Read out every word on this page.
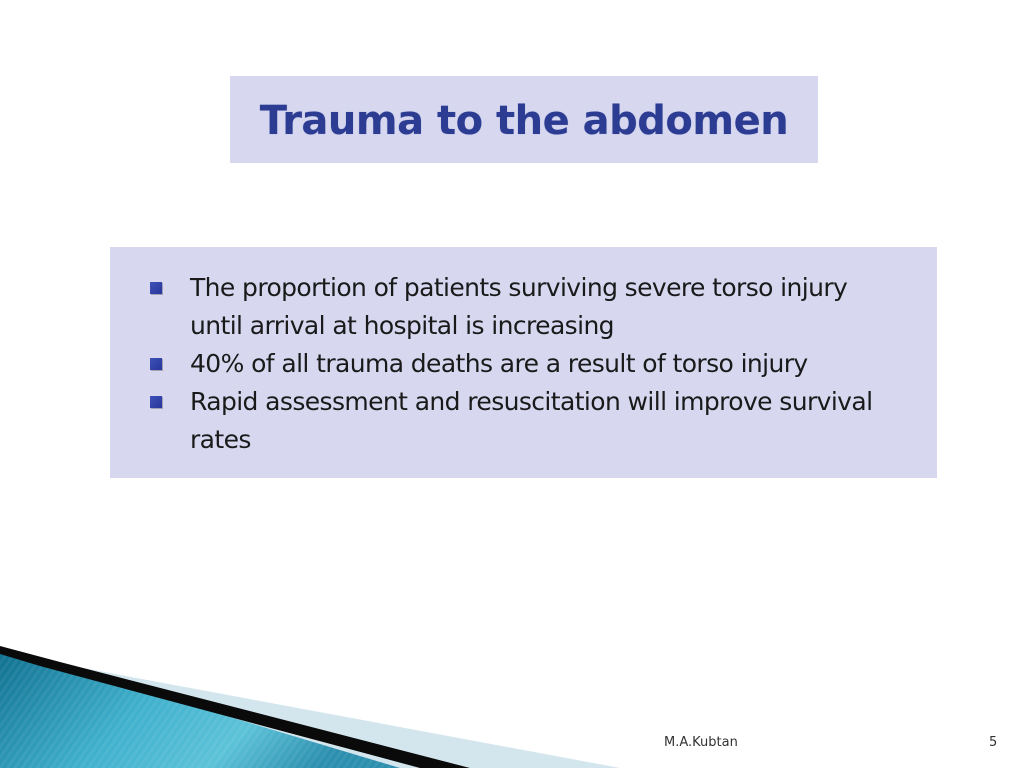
Trauma to the abdomen
The proportion of patients surviving severe torso injury
until arrival at hospital is increasing
40% of all trauma deaths are a result of torso injury
Rapid assessment and resuscitation will improve survival
rates
M.A.Kubtan	5
